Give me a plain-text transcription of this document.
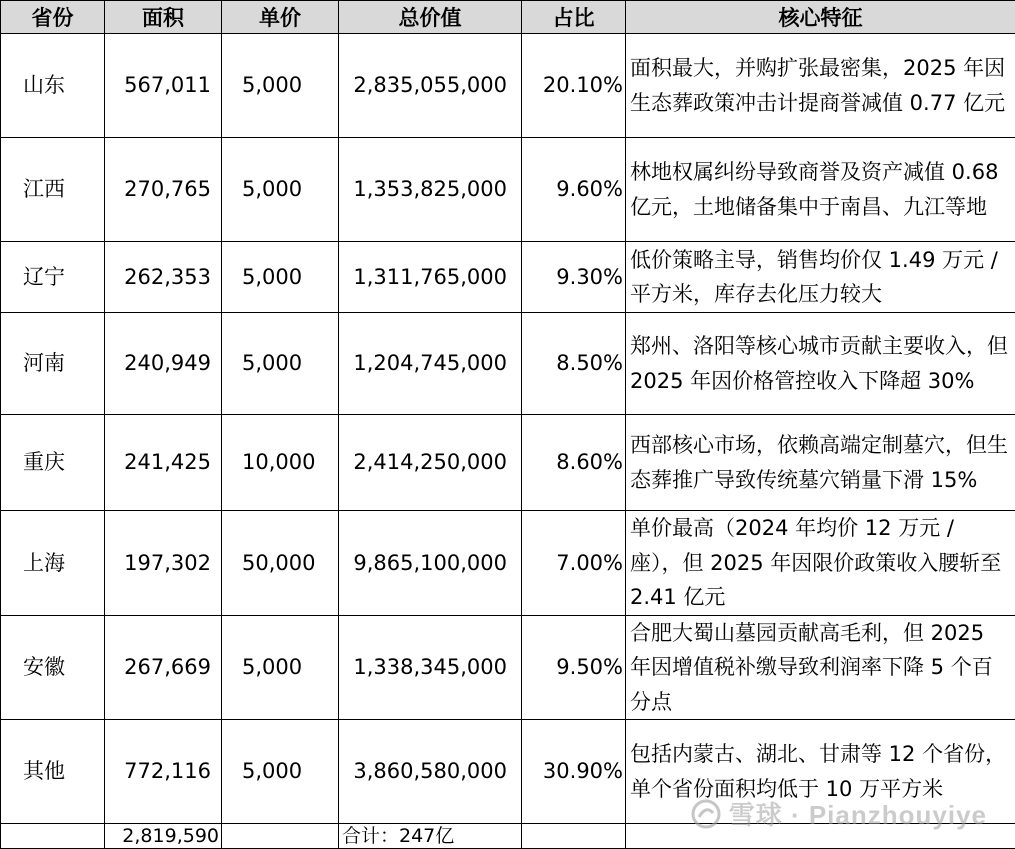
省份	面积	单价	总价值	占比	核心特征
山东	567,011	5,000	2,835,055,000	20.10%	面积最大，并购扩张最密集，2025 年因生态葬政策冲击计提商誉减值 0.77 亿元
江西	270,765	5,000	1,353,825,000	9.60%	林地权属纠纷导致商誉及资产减值 0.68 亿元，土地储备集中于南昌、九江等地
辽宁	262,353	5,000	1,311,765,000	9.30%	低价策略主导，销售均价仅 1.49 万元 / 平方米，库存去化压力较大
河南	240,949	5,000	1,204,745,000	8.50%	郑州、洛阳等核心城市贡献主要收入，但 2025 年因价格管控收入下降超 30%
重庆	241,425	10,000	2,414,250,000	8.60%	西部核心市场，依赖高端定制墓穴，但生态葬推广导致传统墓穴销量下滑 15%
上海	197,302	50,000	9,865,100,000	7.00%	单价最高（2024 年均价 12 万元 / 座），但 2025 年因限价政策收入腰斩至 2.41 亿元
安徽	267,669	5,000	1,338,345,000	9.50%	合肥大蜀山墓园贡献高毛利，但 2025 年因增值税补缴导致利润率下降 5 个百分点
其他	772,116	5,000	3,860,580,000	30.90%	包括内蒙古、湖北、甘肃等 12 个省份，单个省份面积均低于 10 万平方米
	2,819,590		合计：247亿		
雪球 · Pianzhouyiye
